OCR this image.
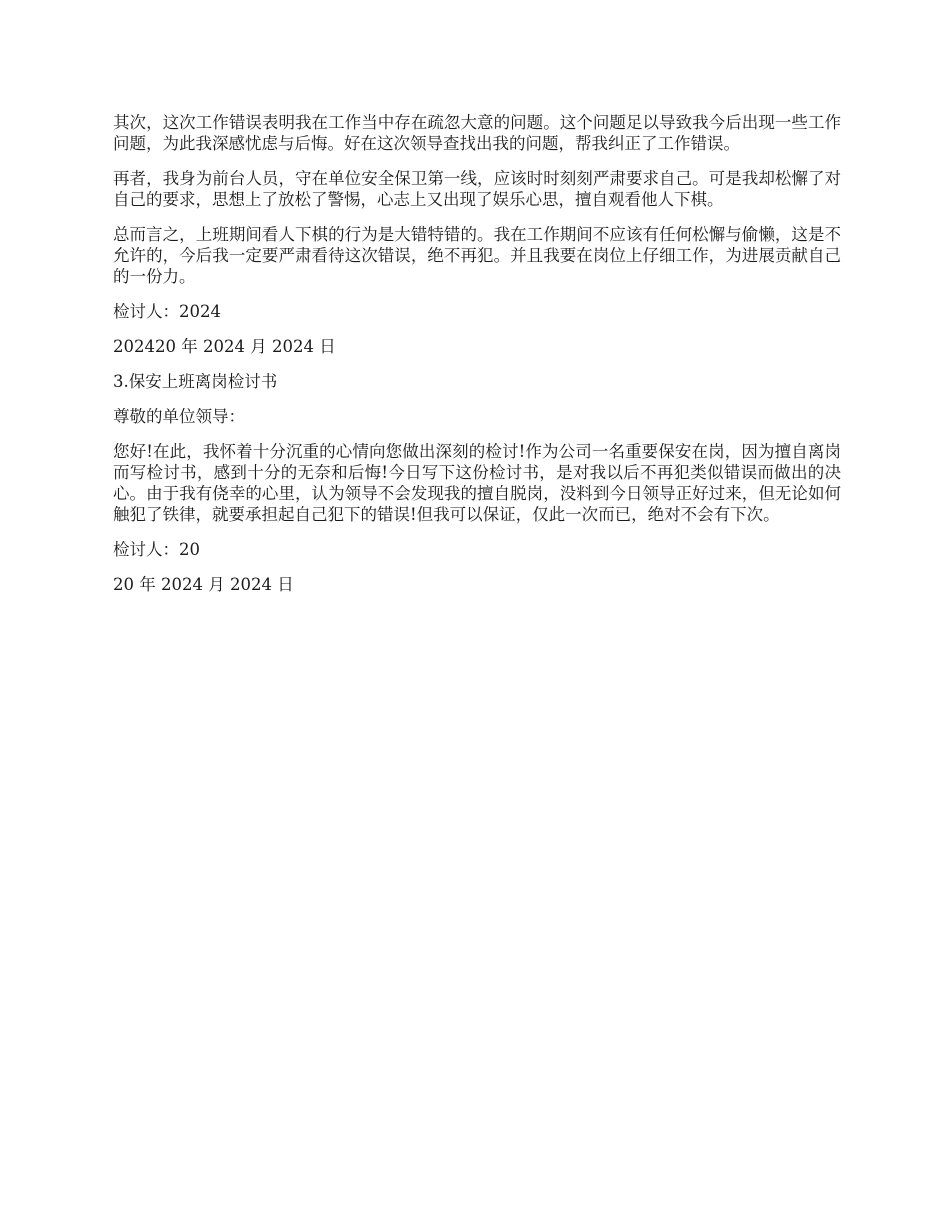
其次，这次工作错误表明我在工作当中存在疏忽大意的问题。这个问题足以导致我今后出现一些工作问题，为此我深感忧虑与后悔。好在这次领导查找出我的问题，帮我纠正了工作错误。

再者，我身为前台人员，守在单位安全保卫第一线，应该时时刻刻严肃要求自己。可是我却松懈了对自己的要求，思想上了放松了警惕，心志上又出现了娱乐心思，擅自观看他人下棋。

总而言之，上班期间看人下棋的行为是大错特错的。我在工作期间不应该有任何松懈与偷懒，这是不允许的，今后我一定要严肃看待这次错误，绝不再犯。并且我要在岗位上仔细工作，为进展贡献自己的一份力。

检讨人：2024

202420 年 2024 月 2024 日

3.保安上班离岗检讨书

尊敬的单位领导：

您好!在此，我怀着十分沉重的心情向您做出深刻的检讨!作为公司一名重要保安在岗，因为擅自离岗而写检讨书，感到十分的无奈和后悔!今日写下这份检讨书，是对我以后不再犯类似错误而做出的决心。由于我有侥幸的心里，认为领导不会发现我的擅自脱岗，没料到今日领导正好过来，但无论如何触犯了铁律，就要承担起自己犯下的错误!但我可以保证，仅此一次而已，绝对不会有下次。

检讨人：20

20 年 2024 月 2024 日
